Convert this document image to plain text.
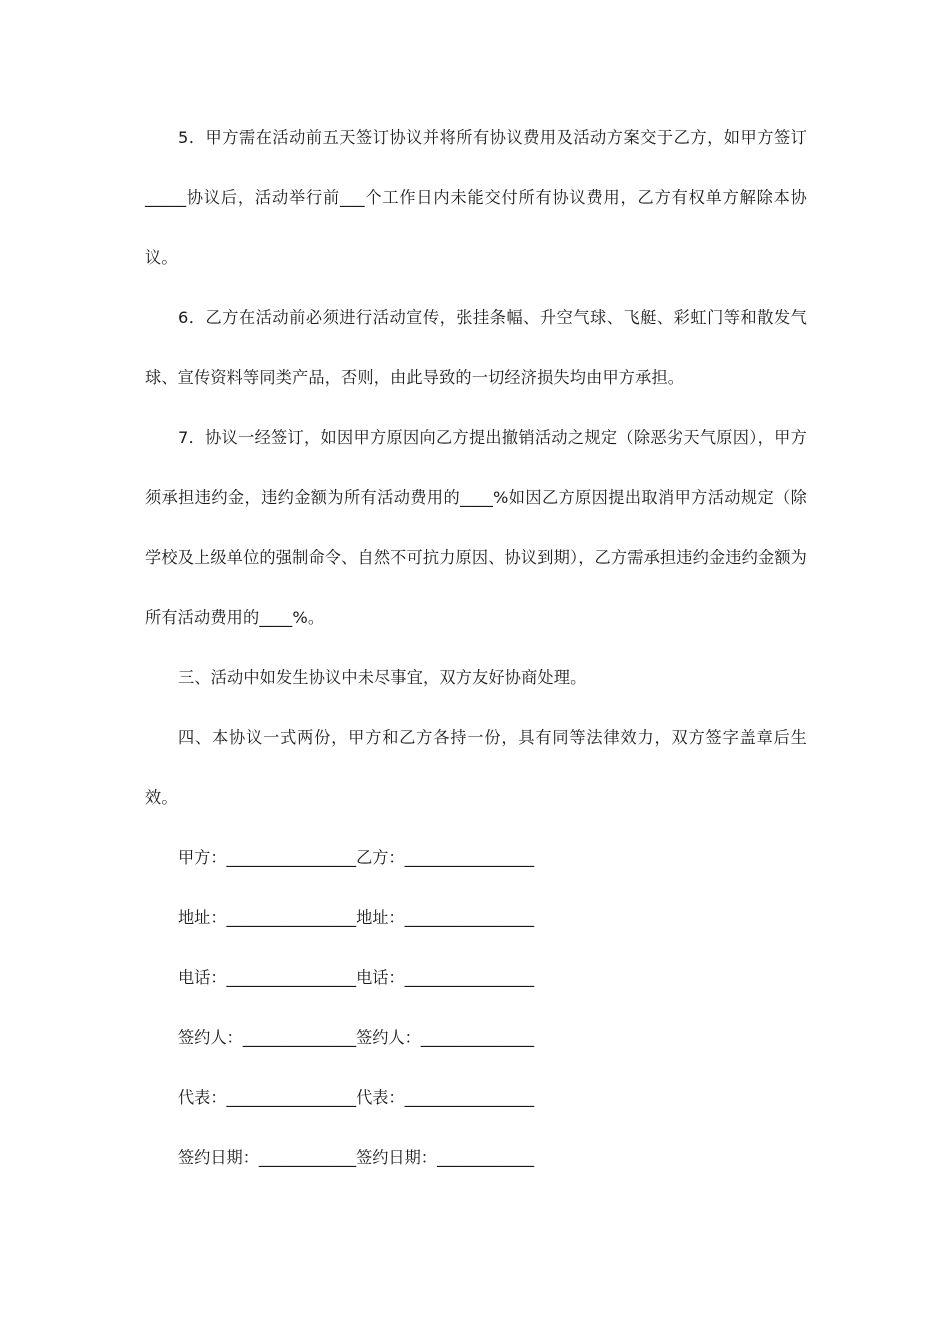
5．甲方需在活动前五天签订协议并将所有协议费用及活动方案交于乙方，如甲方签订_____协议后，活动举行前___个工作日内未能交付所有协议费用，乙方有权单方解除本协议。

6．乙方在活动前必须进行活动宣传，张挂条幅、升空气球、飞艇、彩虹门等和散发气球、宣传资料等同类产品，否则，由此导致的一切经济损失均由甲方承担。

7．协议一经签订，如因甲方原因向乙方提出撤销活动之规定（除恶劣天气原因），甲方须承担违约金，违约金额为所有活动费用的____%如因乙方原因提出取消甲方活动规定（除学校及上级单位的强制命令、自然不可抗力原因、协议到期），乙方需承担违约金违约金额为所有活动费用的____%。

三、活动中如发生协议中未尽事宜，双方友好协商处理。

四、本协议一式两份，甲方和乙方各持一份，具有同等法律效力，双方签字盖章后生效。

甲方：________________乙方：________________
地址：________________地址：________________
电话：________________电话：________________
签约人：______________签约人：______________
代表：________________代表：________________
签约日期：____________签约日期：____________
